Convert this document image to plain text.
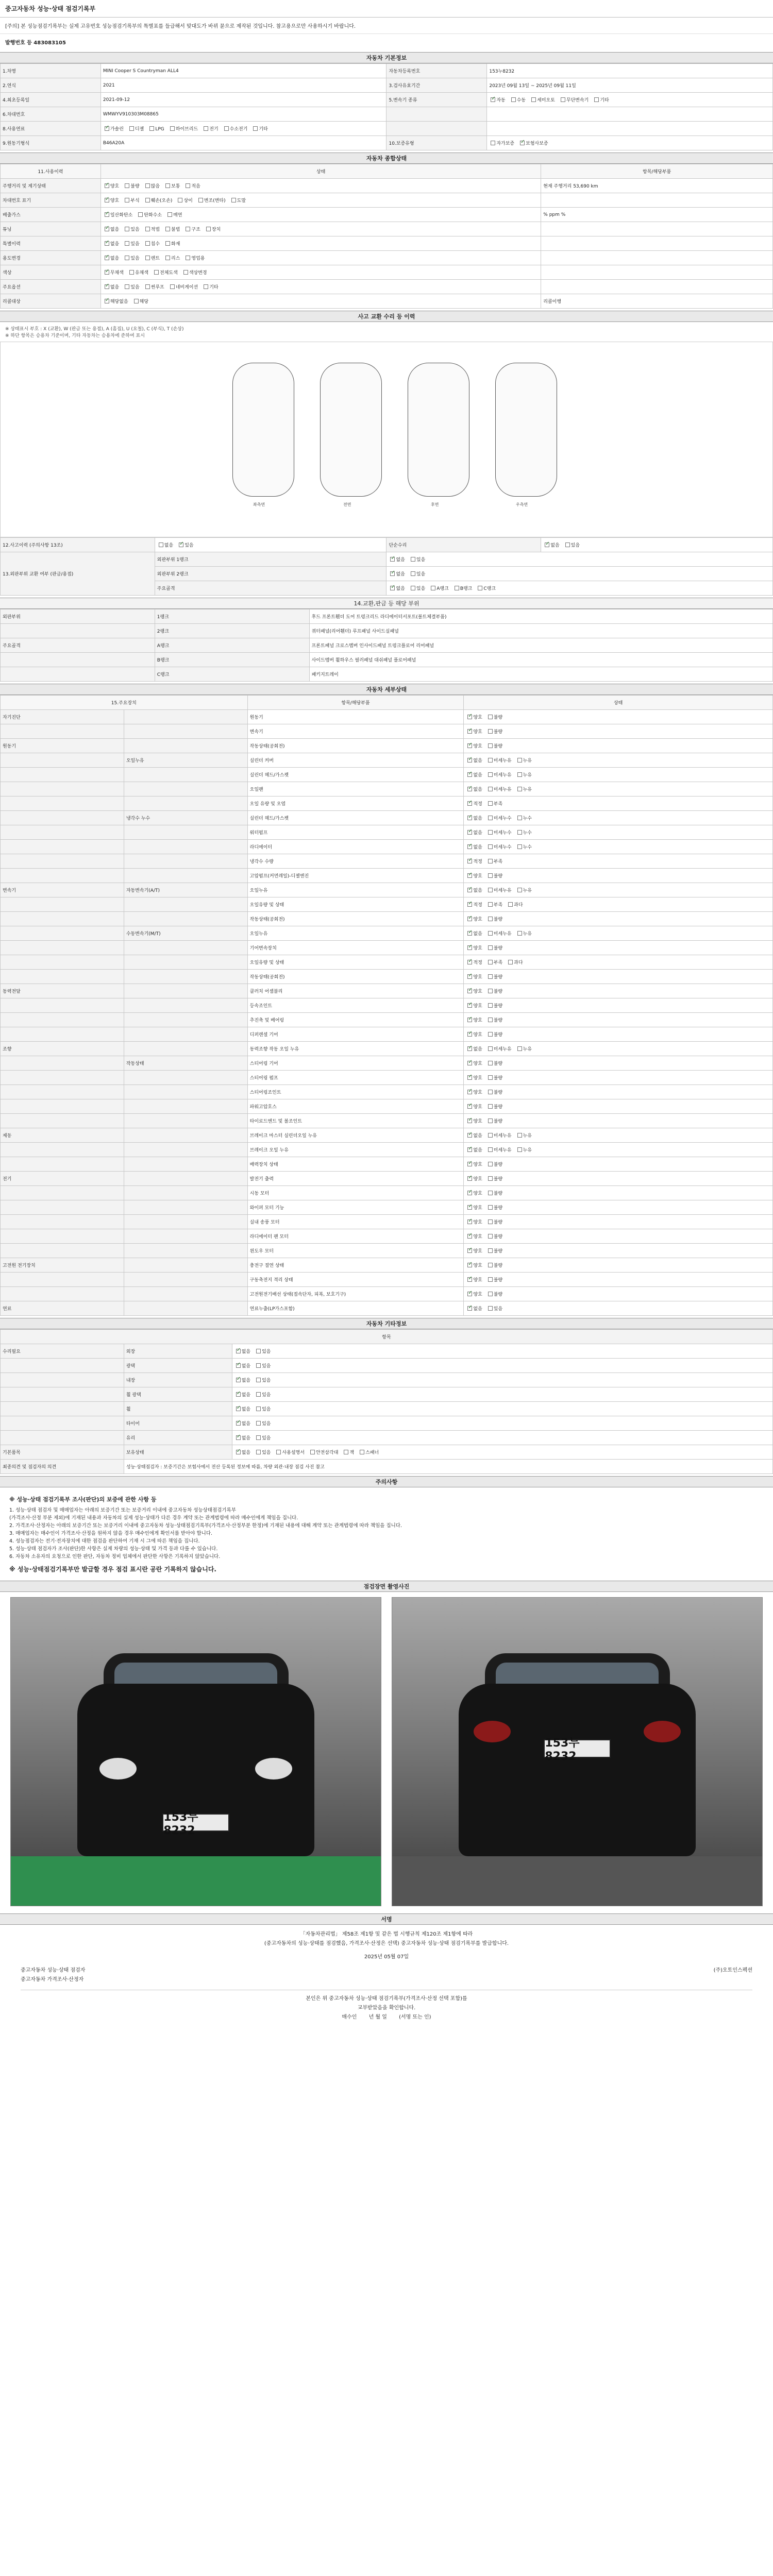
중고자동차 성능·상태 점검기록부
[주의] 본 성능점검기록부는 실제 고유번호 성능점검기록부의 특별표를 들급해서 맞대도가 바뀌 뮨으로 제작된 것입니다. 참고용으로만 사용하시기 바랍니다.
발행번호 등 483083105
자동차 기본정보
1.차명	MINI Cooper S Countryman ALL4	자동차등록번호	153누8232
2.연식	2021	3.검사유효기간	2023년 09월 13일 ~ 2025년 09월 11일
4.최초등록일	2021-09-12	5.변속기 종류	✓자동 수동 세미오토 무단변속기 기타
6.차대번호	WMWYV910303M08865		
8.사용연료	✓가솔린 디젤 LPG 하이브리드 전기 수소전기 기타		
9.원동기형식	B46A20A	10.보증유형	자가보증 ✓ 보험사보증
자동차 종합상태
11.사용이력	상태	항목/해당부품
주행거리 및 계기상태	✓양호 불량 많음 보통 적음	현재 주행거리 53,690 km
차대번호 표기	✓양호 부식 훼손(오손) 상이 변조(변타) 도말	
배출가스	✓일산화탄소 탄화수소 매연	% ppm %
튜닝	✓없음 있음 적법 불법 구조 장치	
특별이력	✓없음 있음 침수 화재	
용도변경	✓없음 있음 렌트 리스 영업용	
색상	✓무채색 유채색 전체도색 색상변경	
주요옵션	✓없음 있음 썬루프 네비게이션 기타	
리콜대상	✓해당없음 해당	리콜이행
사고 교환 수리 등 이력
※ 상태표시 부호 : X (교환), W (판금 또는 용접), A (흠집), U (요철), C (부식), T (손상)
※ 하단 항목은 승용차 기준이며, 기타 자동차는 승용차에 준하여 표시
좌측면	전면	후면	우측면
12.사고이력 (주의사항 13조)	없음 ✓ 있음	단순수리	✓없음 있음
13.외판부위 교환 여부 (판금/용접)	외판부위 1랭크	✓없음 있음
	외판부위 2랭크	✓없음 있음
	주요골격	✓없음 있음 A랭크 B랭크 C랭크
14.교환,판금 등 해당 부위
외판부위	1랭크	후드 프론트휀더 도어 트렁크리드 라디에이터서포트(볼트체결부품)
	2랭크	쿼터패널(리어휀더) 루프패널 사이드실패널
주요골격	A랭크	프론트패널 크로스멤버 인사이드패널 트렁크플로어 리어패널
	B랭크	사이드멤버 휠하우스 필러패널 대쉬패널 플로어패널
	C랭크	패키지트레이
자동차 세부상태
15.주요장치		항목/해당부품	상태
자기진단		원동기	✓양호 불량
		변속기	✓양호 불량
원동기		작동상태(공회전)	✓양호 불량
	오일누유	실린더 커버	✓없음 미세누유 누유
		실린더 헤드/가스켓	✓없음 미세누유 누유
		오일팬	✓없음 미세누유 누유
		오일 유량 및 오염	✓적정 부족
	냉각수 누수	실린더 헤드/가스켓	✓없음 미세누수 누수
		워터펌프	✓없음 미세누수 누수
		라디에이터	✓없음 미세누수 누수
		냉각수 수량	✓적정 부족
		고압펌프(커먼레일)-디젤엔진	✓양호 불량
변속기	자동변속기(A/T)	오일누유	✓없음 미세누유 누유
		오일유량 및 상태	✓적정 부족 과다
		작동상태(공회전)	✓양호 불량
	수동변속기(M/T)	오일누유	✓없음 미세누유 누유
		기어변속장치	✓양호 불량
		오일유량 및 상태	✓적정 부족 과다
		작동상태(공회전)	✓양호 불량
동력전달		클러치 어셈블리	✓양호 불량
		등속조인트	✓양호 불량
		추진축 및 베어링	✓양호 불량
		디퍼렌셜 기어	✓양호 불량
조향		동력조향 작동 오일 누유	✓없음 미세누유 누유
	작동상태	스티어링 기어	✓양호 불량
		스티어링 펌프	✓양호 불량
		스티어링조인트	✓양호 불량
		파워고압호스	✓양호 불량
		타이로드엔드 및 볼조인트	✓양호 불량
제동		브레이크 마스터 실린더오일 누유	✓없음 미세누유 누유
		브레이크 오일 누유	✓없음 미세누유 누유
		배력장치 상태	✓양호 불량
전기		발전기 출력	✓양호 불량
		시동 모터	✓양호 불량
		와이퍼 모터 기능	✓양호 불량
		실내 송풍 모터	✓양호 불량
		라디에이터 팬 모터	✓양호 불량
		윈도우 모터	✓양호 불량
고전원 전기장치		충전구 절연 상태	✓양호 불량
		구동축전지 격리 상태	✓양호 불량
		고전원전기배선 상태(접속단자, 피복, 보호기구)	✓양호 불량
연료		연료누출(LP가스포함)	✓없음 있음
자동차 기타정보
항목		
수리필요	외장	✓없음 있음
	광택	✓없음 있음
	내장	✓없음 있음
	휠 광택	✓없음 있음
	휠	✓없음 있음
	타이어	✓없음 있음
	유리	✓없음 있음
기본품목	보유상태	✓없음 있음 사용설명서 안전삼각대 잭 스패너
최종의견 및 점검자의 의견	성능·상태점검자 : 보증기간은 보험사에서 전산 등록된 정보에 따름, 차량 외관·내장 점검 사진 참고	
주의사항
※ 성능·상태 점검기록부 조사(판단)의 보증에 관한 사항 등
1. 성능·상태 점검자 및 매매업자는 아래의 보증기간 또는 보증거리 이내에 중고자동차 성능상태점검기록부
(가격조사·산정 부분 제외)에 기재된 내용과 자동차의 실제 성능·상태가 다른 경우 계약 또는 관계법령에 따라 매수인에게 책임을 집니다.
2. 가격조사·산정자는 아래의 보증기간 또는 보증거리 이내에 중고자동차 성능·상태점검기록부(가격조사·산정부분 한정)에 기재된 내용에 대해 계약 또는 관계법령에 따라 책임을 집니다.
3. 매매업자는 매수인이 가격조사·산정을 원하지 않을 경우 매수인에게 확인서를 받아야 합니다.
4. 성능점검자는 전기·전자장치에 대한 점검을 판단하여 기재 시 그에 따른 책임을 집니다.
5. 성능·상태 점검자가 조사(판단)한 사항은 실제 차량의 성능·상태 및 가격 등과 다를 수 있습니다.
6. 자동차 소유자의 요청으로 인한 판단, 자동차 정비 업체에서 판단한 사항은 기록하지 않았습니다.
※ 성능·상태점검기록부만 발급할 경우 점검 표시란 공란 기록하지 않습니다.
점검장면 촬영사진
153누8232
153누8232
서명
「자동차관리법」 제58조 제1항 및 같은 법 시행규칙 제120조 제1항에 따라
(중고자동차의 성능·상태를 점검했음, 가격조사·산정은 선택) 중고자동차 성능·상태 점검기록부를 발급합니다.
2025년 05월 07일
중고자동차 성능·상태 점검자	(주)오토인스펙션
중고자동차 가격조사·산정자
본인은 위 중고자동차 성능·상태 점검기록부(가격조사·산정 선택 포함)를
교부받았음을 확인합니다.
매수인 년 월 일 (서명 또는 인)
